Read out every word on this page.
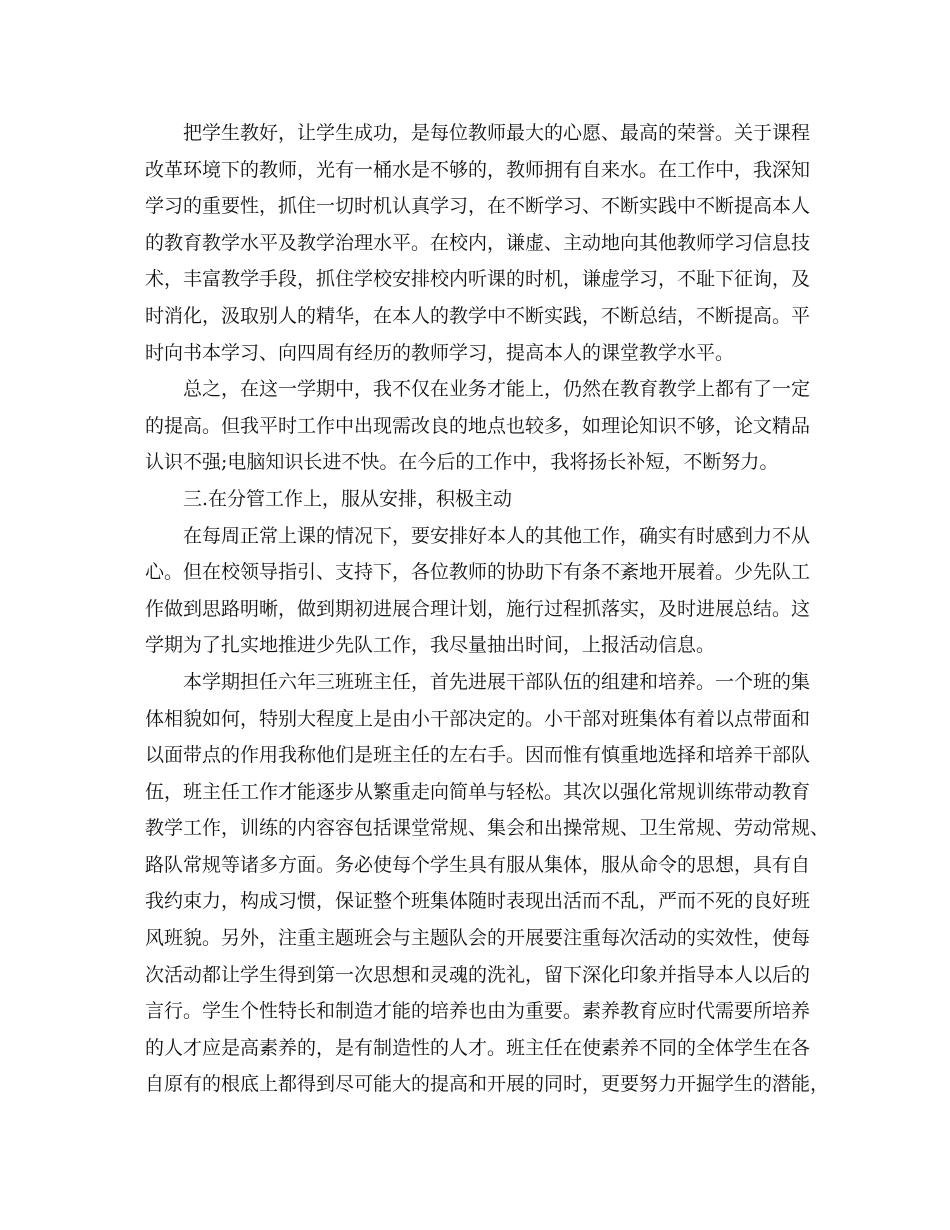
把学生教好，让学生成功，是每位教师最大的心愿、最高的荣誉。关于课程
改革环境下的教师，光有一桶水是不够的，教师拥有自来水。在工作中，我深知
学习的重要性，抓住一切时机认真学习，在不断学习、不断实践中不断提高本人
的教育教学水平及教学治理水平。在校内，谦虚、主动地向其他教师学习信息技
术，丰富教学手段，抓住学校安排校内听课的时机，谦虚学习，不耻下征询，及
时消化，汲取别人的精华，在本人的教学中不断实践，不断总结，不断提高。平
时向书本学习、向四周有经历的教师学习，提高本人的课堂教学水平。
总之，在这一学期中，我不仅在业务才能上，仍然在教育教学上都有了一定
的提高。但我平时工作中出现需改良的地点也较多，如理论知识不够，论文精品
认识不强;电脑知识长进不快。在今后的工作中，我将扬长补短，不断努力。
三.在分管工作上，服从安排，积极主动
在每周正常上课的情况下，要安排好本人的其他工作，确实有时感到力不从
心。但在校领导指引、支持下，各位教师的协助下有条不紊地开展着。少先队工
作做到思路明晰，做到期初进展合理计划，施行过程抓落实，及时进展总结。这
学期为了扎实地推进少先队工作，我尽量抽出时间，上报活动信息。
本学期担任六年三班班主任，首先进展干部队伍的组建和培养。一个班的集
体相貌如何，特别大程度上是由小干部决定的。小干部对班集体有着以点带面和
以面带点的作用我称他们是班主任的左右手。因而惟有慎重地选择和培养干部队
伍，班主任工作才能逐步从繁重走向简单与轻松。其次以强化常规训练带动教育
教学工作，训练的内容容包括课堂常规、集会和出操常规、卫生常规、劳动常规、
路队常规等诸多方面。务必使每个学生具有服从集体，服从命令的思想，具有自
我约束力，构成习惯，保证整个班集体随时表现出活而不乱，严而不死的良好班
风班貌。另外，注重主题班会与主题队会的开展要注重每次活动的实效性，使每
次活动都让学生得到第一次思想和灵魂的洗礼，留下深化印象并指导本人以后的
言行。学生个性特长和制造才能的培养也由为重要。素养教育应时代需要所培养
的人才应是高素养的，是有制造性的人才。班主任在使素养不同的全体学生在各
自原有的根底上都得到尽可能大的提高和开展的同时，更要努力开掘学生的潜能，
